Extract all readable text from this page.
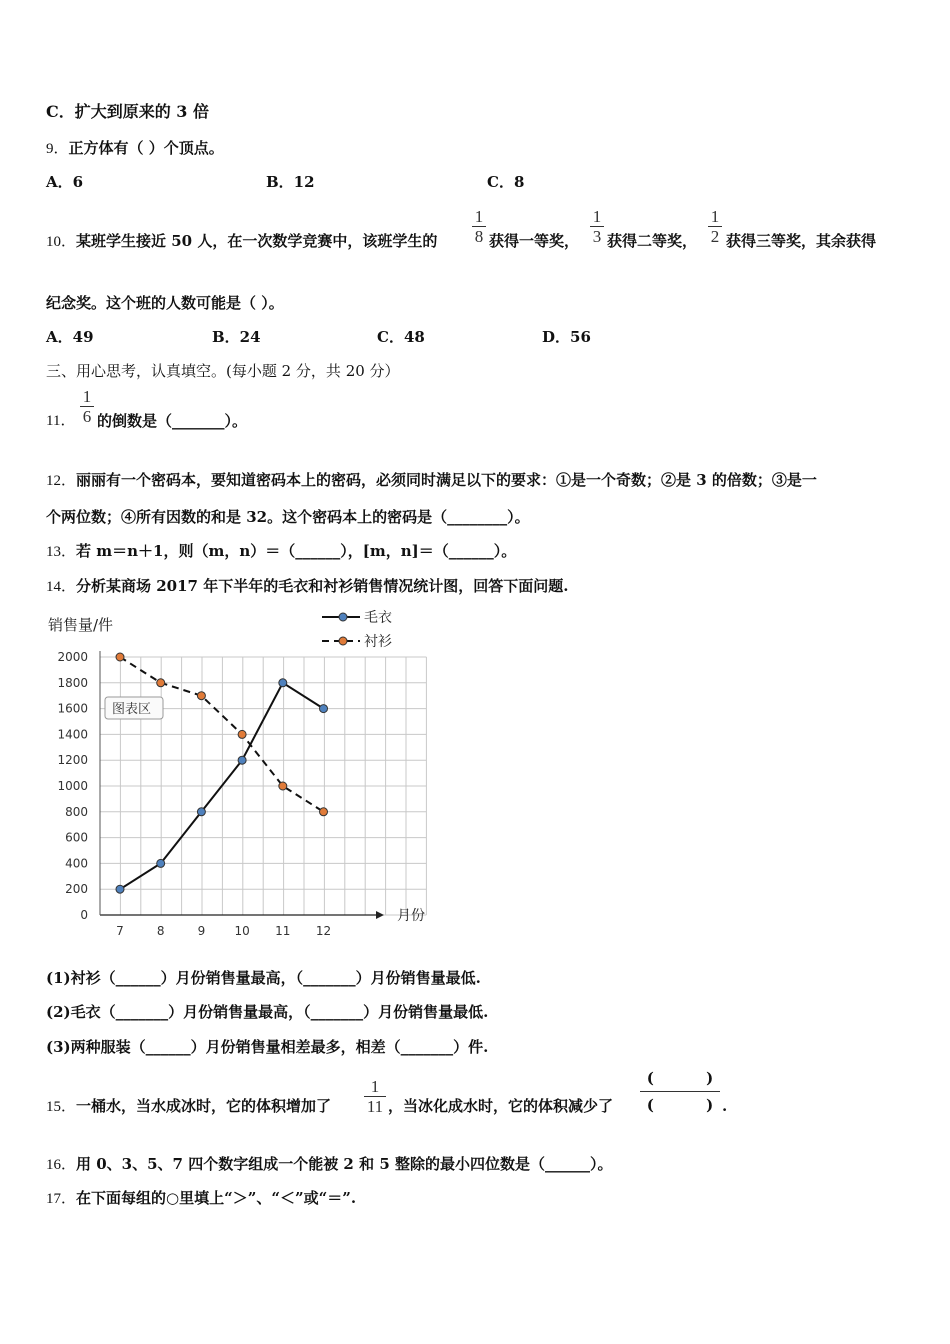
C．扩大到原来的 3 倍
9．正方体有（ ）个顶点。
A．6	B．12	C．8
10．某班学生接近 50 人，在一次数学竞赛中，该班学生的
1
8 获得一等奖，
1
3 获得二等奖，
1
2 获得三等奖，其余获得
纪念奖。这个班的人数可能是（ ）。
A．49	B．24	C．48	D．56
三、用心思考，认真填空。(每小题 2 分，共 20 分）
11．
1
6 的倒数是（_______）。
12．丽丽有一个密码本，要知道密码本上的密码，必须同时满足以下的要求：①是一个奇数；②是 3 的倍数；③是一
个两位数；④所有因数的和是 32。这个密码本上的密码是（________）。
13．若 m＝n＋1，则（m，n）＝（______），[m，n]＝（______）。
14．分析某商场 2017 年下半年的毛衣和衬衫销售情况统计图，回答下面问题.
0
200
400
600
800
1000
1200
1400
1600
1800
2000
7	8	9 10 11 12
毛衣
衬衫
销售量/件
月份
图表区
(1)衬衫（______）月份销售量最高，（_______）月份销售量最低.
(2)毛衣（_______）月份销售量最高，（_______）月份销售量最低.
(3)两种服装（______）月份销售量相差最多，相差（_______）件.
15．一桶水，当水成冰时，它的体积增加了
1
11 ，当冰化成水时，它的体积减少了
(          )
(          ) .
16．用 0、3、5、7 四个数字组成一个能被 2 和 5 整除的最小四位数是（______）。
17．在下面每组的○里填上“＞”、“＜”或“＝”.
